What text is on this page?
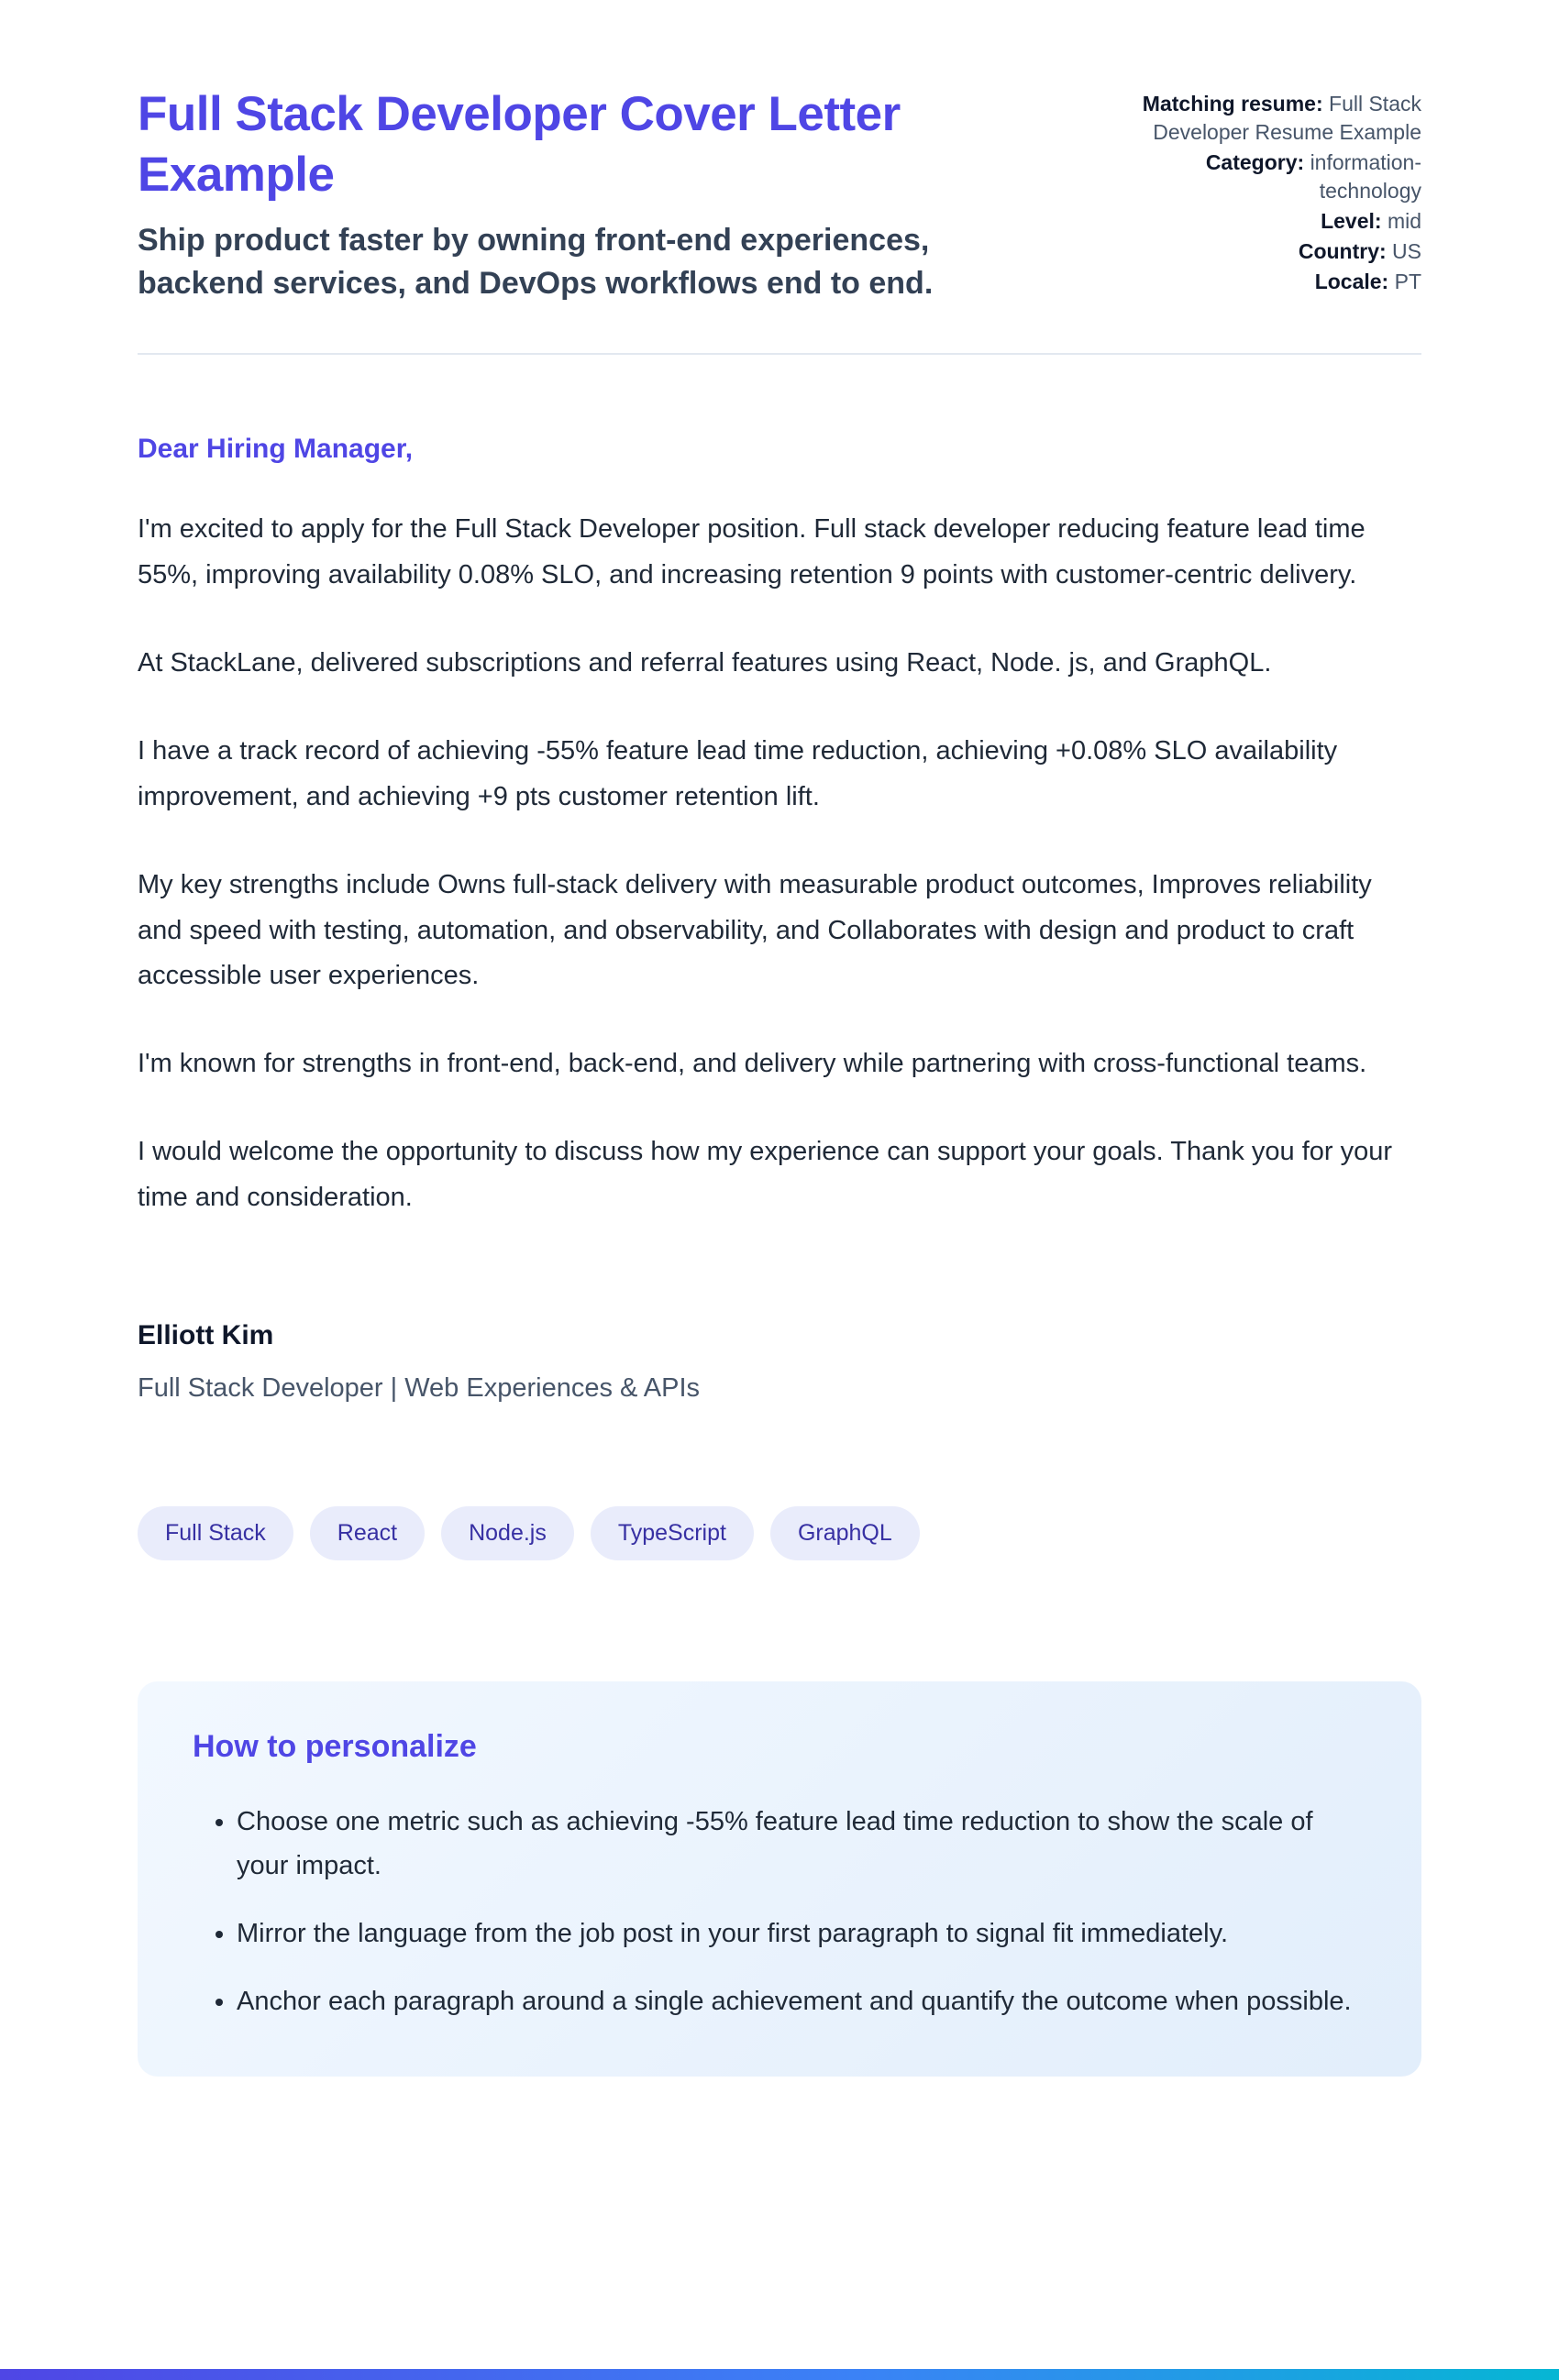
Full Stack Developer Cover Letter Example
Ship product faster by owning front-end experiences, backend services, and DevOps workflows end to end.
Matching resume: Full Stack Developer Resume Example
Category: information-technology
Level: mid
Country: US
Locale: PT
Dear Hiring Manager,

I'm excited to apply for the Full Stack Developer position. Full stack developer reducing feature lead time 55%, improving availability 0.08% SLO, and increasing retention 9 points with customer-centric delivery.

At StackLane, delivered subscriptions and referral features using React, Node. js, and GraphQL.

I have a track record of achieving -55% feature lead time reduction, achieving +0.08% SLO availability improvement, and achieving +9 pts customer retention lift.

My key strengths include Owns full-stack delivery with measurable product outcomes, Improves reliability and speed with testing, automation, and observability, and Collaborates with design and product to craft accessible user experiences.

I'm known for strengths in front-end, back-end, and delivery while partnering with cross-functional teams.

I would welcome the opportunity to discuss how my experience can support your goals. Thank you for your time and consideration.

Elliott Kim
Full Stack Developer | Web Experiences & APIs
Full Stack	React	Node.js	TypeScript	GraphQL
How to personalize
• Choose one metric such as achieving -55% feature lead time reduction to show the scale of your impact.
• Mirror the language from the job post in your first paragraph to signal fit immediately.
• Anchor each paragraph around a single achievement and quantify the outcome when possible.
